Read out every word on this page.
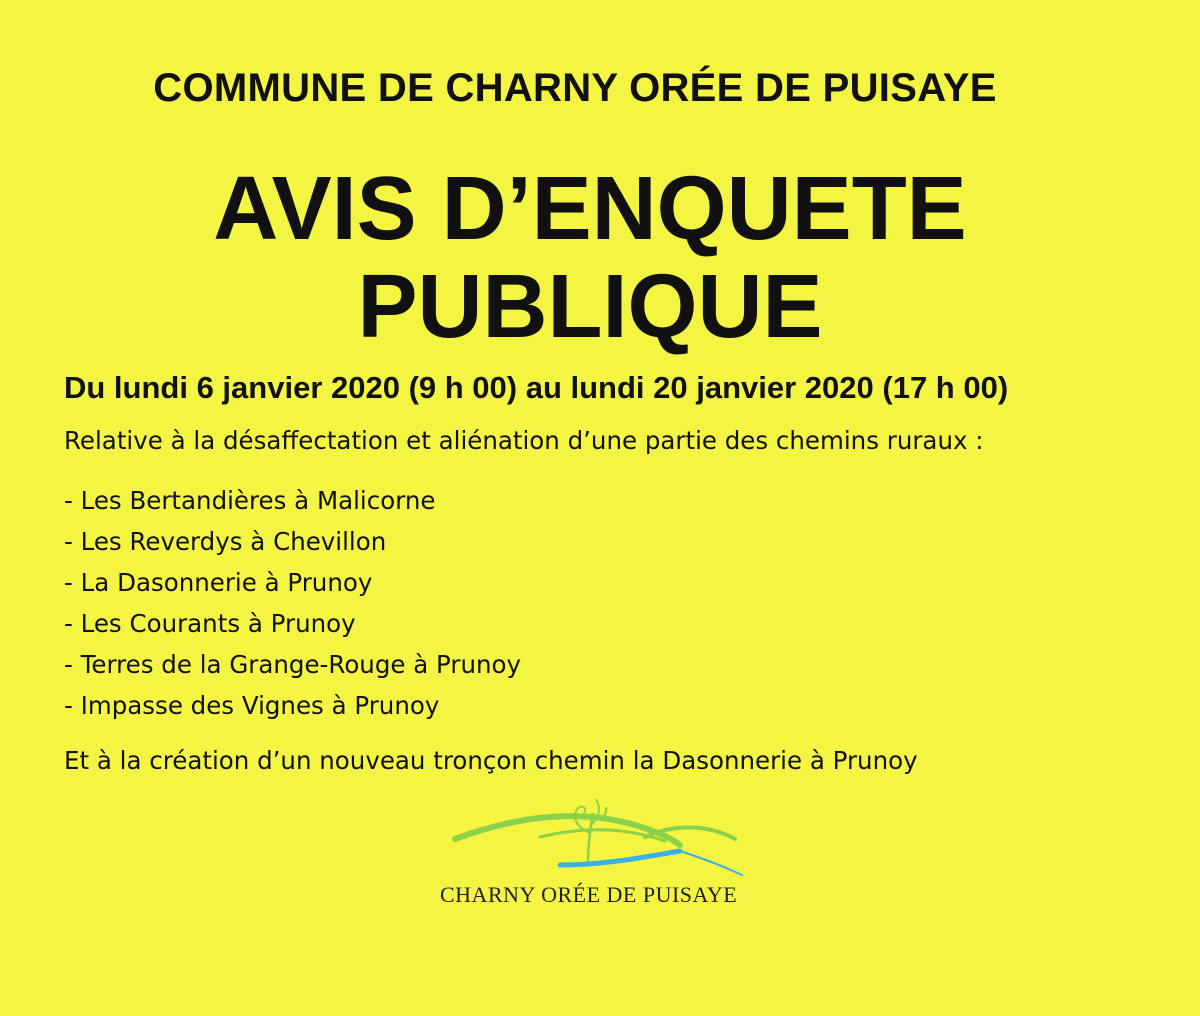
COMMUNE DE CHARNY ORÉE DE PUISAYE
AVIS D’ENQUETE
PUBLIQUE
Du lundi 6 janvier 2020 (9 h 00) au lundi 20 janvier 2020 (17 h 00)
Relative à la désaffectation et aliénation d’une partie des chemins ruraux :
- Les Bertandières à Malicorne
- Les Reverdys à Chevillon
- La Dasonnerie à Prunoy
- Les Courants à Prunoy
- Terres de la Grange-Rouge à Prunoy
- Impasse des Vignes à Prunoy
Et à la création d’un nouveau tronçon chemin la Dasonnerie à Prunoy
CHARNY ORÉE DE PUISAYE
